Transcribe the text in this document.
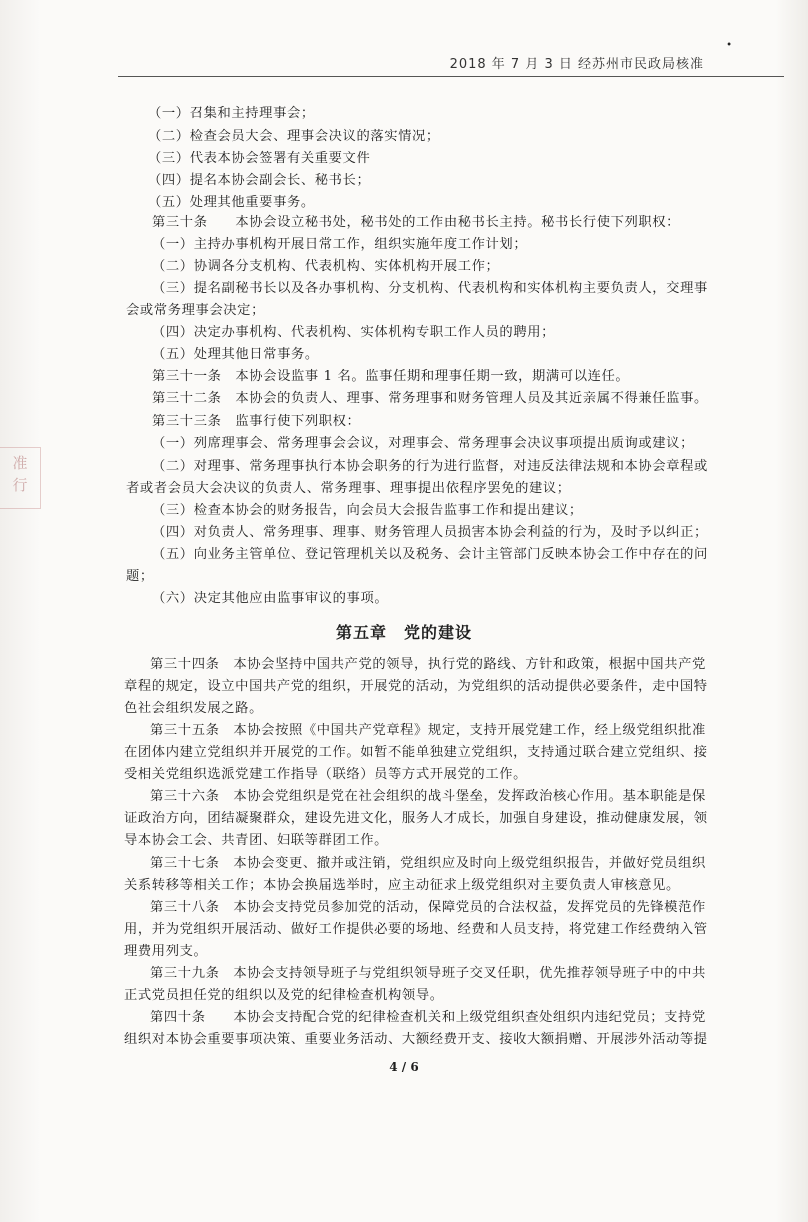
•
2018 年 7 月 3 日 经苏州市民政局核准
准
行
（一）召集和主持理事会；
（二）检查会员大会、理事会决议的落实情况；
（三）代表本协会签署有关重要文件
（四）提名本协会副会长、秘书长；
（五）处理其他重要事务。
第三十条　　本协会设立秘书处，秘书处的工作由秘书长主持。秘书长行使下列职权：
（一）主持办事机构开展日常工作，组织实施年度工作计划；
（二）协调各分支机构、代表机构、实体机构开展工作；
（三）提名副秘书长以及各办事机构、分支机构、代表机构和实体机构主要负责人，交理事
会或常务理事会决定；
（四）决定办事机构、代表机构、实体机构专职工作人员的聘用；
（五）处理其他日常事务。
第三十一条　本协会设监事 1 名。监事任期和理事任期一致，期满可以连任。
第三十二条　本协会的负责人、理事、常务理事和财务管理人员及其近亲属不得兼任监事。
第三十三条　监事行使下列职权：
（一）列席理事会、常务理事会会议，对理事会、常务理事会决议事项提出质询或建议；
（二）对理事、常务理事执行本协会职务的行为进行监督，对违反法律法规和本协会章程或
者或者会员大会决议的负责人、常务理事、理事提出依程序罢免的建议；
（三）检查本协会的财务报告，向会员大会报告监事工作和提出建议；
（四）对负责人、常务理事、理事、财务管理人员损害本协会利益的行为，及时予以纠正；
（五）向业务主管单位、登记管理机关以及税务、会计主管部门反映本协会工作中存在的问
题；
（六）决定其他应由监事审议的事项。
第五章　党的建设
第三十四条　本协会坚持中国共产党的领导，执行党的路线、方针和政策，根据中国共产党
章程的规定，设立中国共产党的组织，开展党的活动，为党组织的活动提供必要条件，走中国特
色社会组织发展之路。
第三十五条　本协会按照《中国共产党章程》规定，支持开展党建工作，经上级党组织批准
在团体内建立党组织并开展党的工作。如暂不能单独建立党组织，支持通过联合建立党组织、接
受相关党组织选派党建工作指导（联络）员等方式开展党的工作。
第三十六条　本协会党组织是党在社会组织的战斗堡垒，发挥政治核心作用。基本职能是保
证政治方向，团结凝聚群众，建设先进文化，服务人才成长，加强自身建设，推动健康发展，领
导本协会工会、共青团、妇联等群团工作。
第三十七条　本协会变更、撤并或注销，党组织应及时向上级党组织报告，并做好党员组织
关系转移等相关工作；本协会换届选举时，应主动征求上级党组织对主要负责人审核意见。
第三十八条　本协会支持党员参加党的活动，保障党员的合法权益，发挥党员的先锋模范作
用，并为党组织开展活动、做好工作提供必要的场地、经费和人员支持，将党建工作经费纳入管
理费用列支。
第三十九条　本协会支持领导班子与党组织领导班子交叉任职，优先推荐领导班子中的中共
正式党员担任党的组织以及党的纪律检查机构领导。
第四十条　　本协会支持配合党的纪律检查机关和上级党组织查处组织内违纪党员；支持党
组织对本协会重要事项决策、重要业务活动、大额经费开支、接收大额捐赠、开展涉外活动等提
4 / 6
